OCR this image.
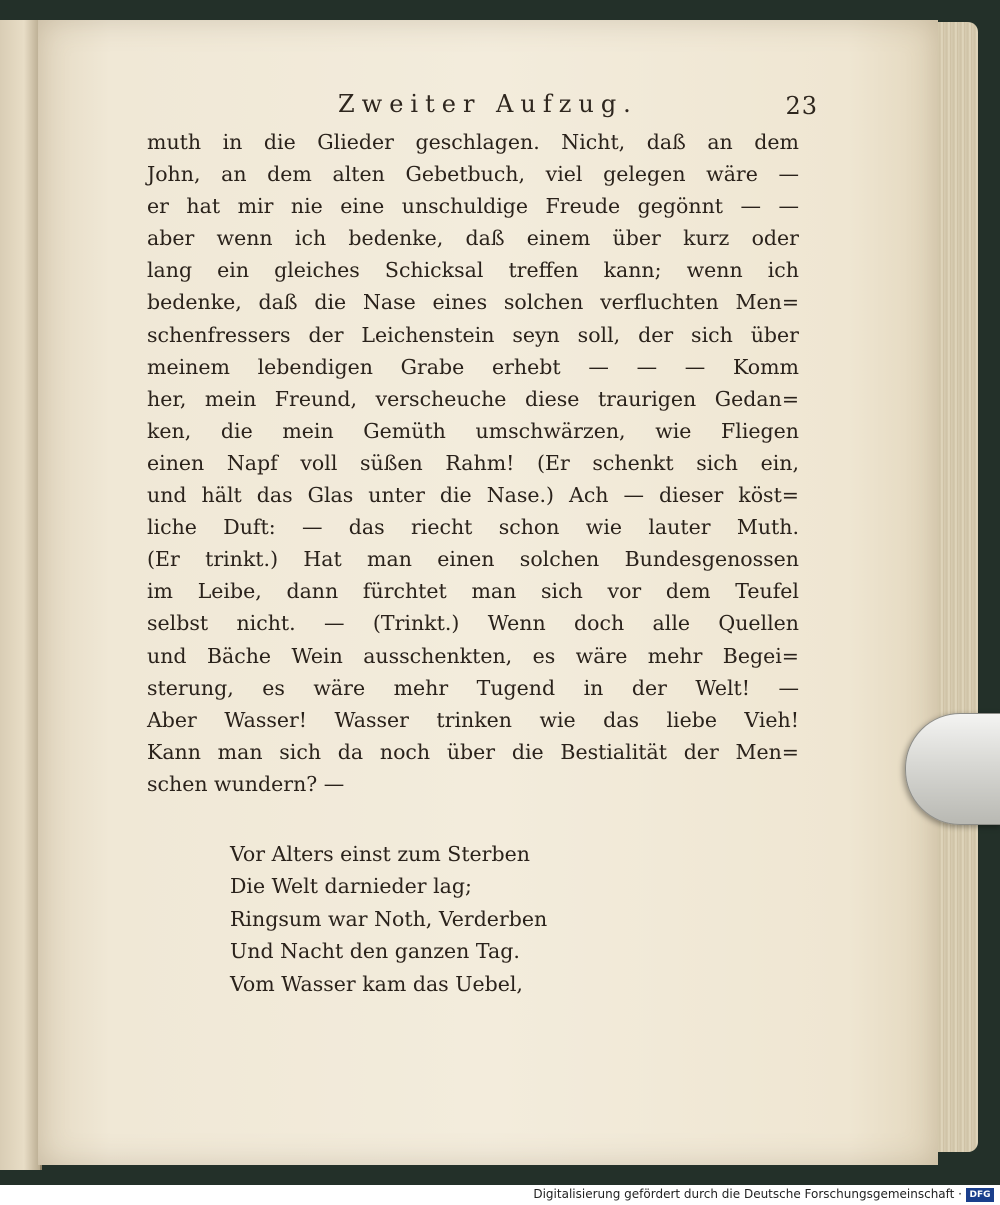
Zweiter Aufzug.	23
muth in die Glieder geschlagen. Nicht, daß an dem
John, an dem alten Gebetbuch, viel gelegen wäre —
er hat mir nie eine unschuldige Freude gegönnt — —
aber wenn ich bedenke, daß einem über kurz oder
lang ein gleiches Schicksal treffen kann; wenn ich
bedenke, daß die Nase eines solchen verfluchten Men=
schenfressers der Leichenstein seyn soll, der sich über
meinem lebendigen Grabe erhebt — — — Komm
her, mein Freund, verscheuche diese traurigen Gedan=
ken, die mein Gemüth umschwärzen, wie Fliegen
einen Napf voll süßen Rahm! (Er schenkt sich ein,
und hält das Glas unter die Nase.) Ach — dieser köst=
liche Duft: — das riecht schon wie lauter Muth.
(Er trinkt.) Hat man einen solchen Bundesgenossen
im Leibe, dann fürchtet man sich vor dem Teufel
selbst nicht. — (Trinkt.) Wenn doch alle Quellen
und Bäche Wein ausschenkten, es wäre mehr Begei=
sterung, es wäre mehr Tugend in der Welt! —
Aber Wasser! Wasser trinken wie das liebe Vieh!
Kann man sich da noch über die Bestialität der Men=
schen wundern? —
Vor Alters einst zum Sterben
Die Welt darnieder lag;
Ringsum war Noth, Verderben
Und Nacht den ganzen Tag.
Vom Wasser kam das Uebel,
Digitalisierung gefördert durch die Deutsche Forschungsgemeinschaft · DFG
